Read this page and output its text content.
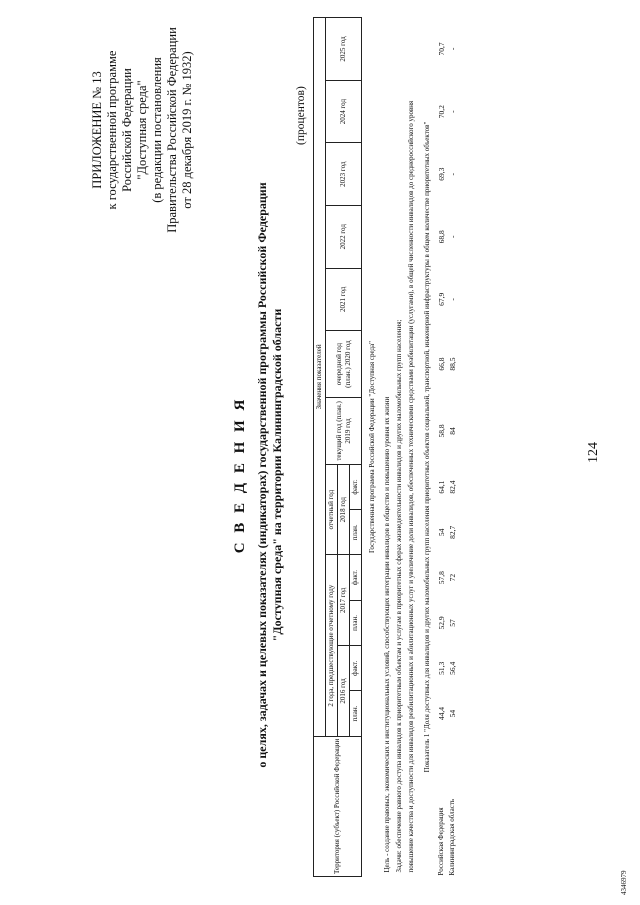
124
ПРИЛОЖЕНИЕ № 13 к государственной программе Российской Федерации "Доступная среда" (в редакции постановления Правительства Российской Федерации от 28 декабря 2019 г. № 1932)
С В Е Д Е Н И Я о целях, задачах и целевых показателях (индикаторах) государственной программы Российской Федерации "Доступная среда" на территории Калининградской области
(процентов)
Территория (субъект) Российской Федерации	Значения показателей												
	2 года, предшествующие отчетному году				отчетный год		текущий год (план.) 2019 год	очередной год (план.) 2020 год	2021 год	2022 год	2023 год	2024 год	2025 год
	2016 год		2017 год		2018 год								
	план.	факт.	план.	факт.	план.	факт.							
Государственная программа Российской Федерации "Доступная среда"													
Цель - создание правовых, экономических и институциональных условий, способствующих интеграции инвалидов в общество и повышению уровня их жизни													
Задачи: обеспечение равного доступа инвалидов к приоритетным объектам и услугам в приоритетных сферах жизнедеятельности инвалидов и других маломобильных групп населения;													
повышение качества и доступности для инвалидов реабилитационных и абилитационных услуг и увеличение доли инвалидов, обеспеченных техническими средствами реабилитации (услугами), в общей численности инвалидов до среднероссийского уровня													
Показатель 1 "Доля доступных для инвалидов и других маломобильных групп населения приоритетных объектов социальной, транспортной, инженерной инфраструктуры в общем количестве приоритетных объектов"													
Российская Федерация	44,4	51,3	52,9	57,8	54	64,1	58,8	66,8	67,9	68,8	69,3	70,2	70,7
Калининградская область	54	56,4	57	72	82,7	82,4	84	88,5	-	-	-	-	-
4346979
